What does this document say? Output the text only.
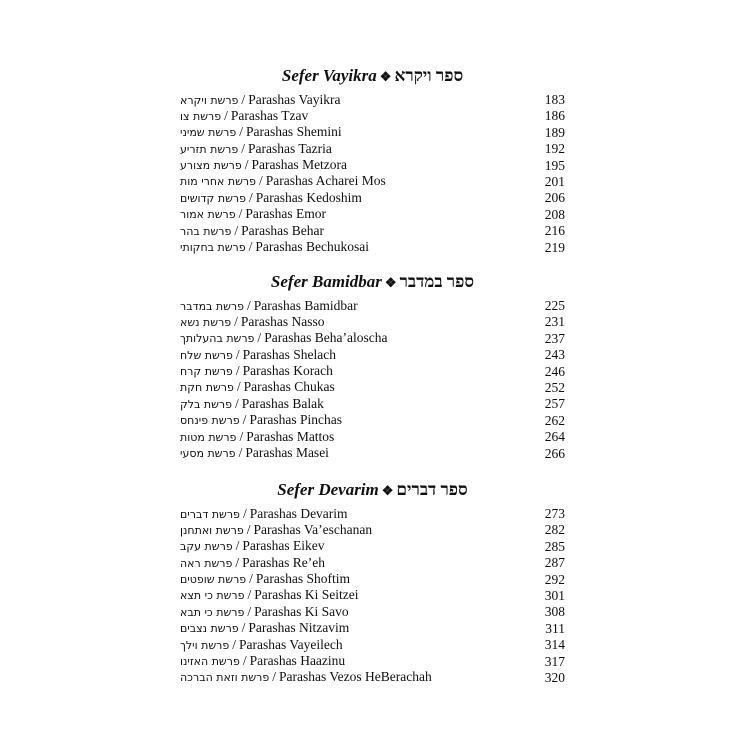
Sefer Vayikra ❖ ספר ויקרא
פרשת ויקרא / Parashas Vayikra	183
פרשת צו / Parashas Tzav	186
פרשת שמיני / Parashas Shemini	189
פרשת תזריע / Parashas Tazria	192
פרשת מצורע / Parashas Metzora	195
פרשת אחרי מות / Parashas Acharei Mos	201
פרשת קדושים / Parashas Kedoshim	206
פרשת אמור / Parashas Emor	208
פרשת בהר / Parashas Behar	216
פרשת בחקותי / Parashas Bechukosai	219
Sefer Bamidbar ❖ ספר במדבר
פרשת במדבר / Parashas Bamidbar	225
פרשת נשא / Parashas Nasso	231
פרשת בהעלותך / Parashas Beha’aloscha	237
פרשת שלח / Parashas Shelach	243
פרשת קרח / Parashas Korach	246
פרשת חקת / Parashas Chukas	252
פרשת בלק / Parashas Balak	257
פרשת פינחס / Parashas Pinchas	262
פרשת מטות / Parashas Mattos	264
פרשת מסעי / Parashas Masei	266
Sefer Devarim ❖ ספר דברים
פרשת דברים / Parashas Devarim	273
פרשת ואתחנן / Parashas Va’eschanan	282
פרשת עקב / Parashas Eikev	285
פרשת ראה / Parashas Re’eh	287
פרשת שופטים / Parashas Shoftim	292
פרשת כי תצא / Parashas Ki Seitzei	301
פרשת כי תבא / Parashas Ki Savo	308
פרשת נצבים / Parashas Nitzavim	311
פרשת וילך / Parashas Vayeilech	314
פרשת האזינו / Parashas Haazinu	317
פרשת וזאת הברכה / Parashas Vezos HeBerachah	320
